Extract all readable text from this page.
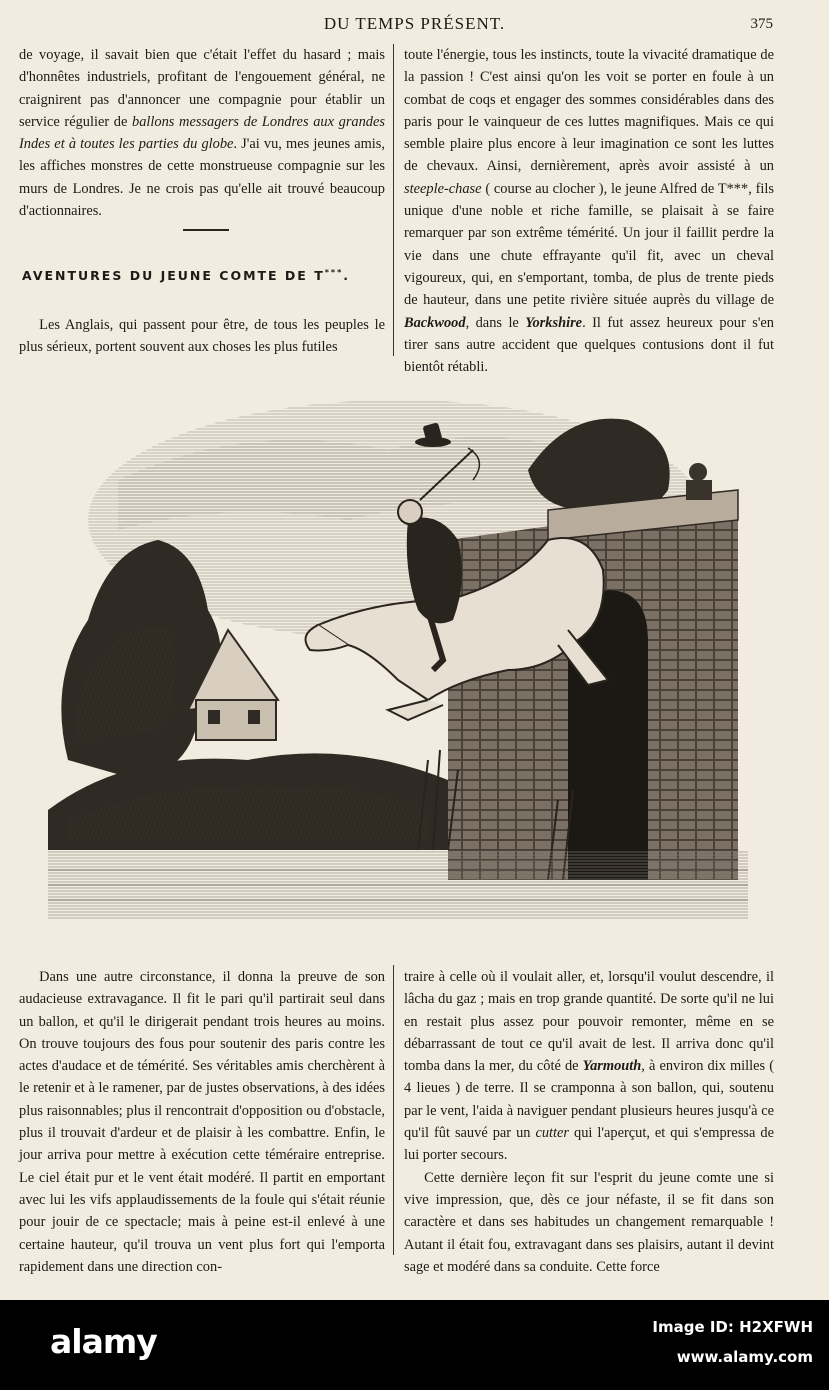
DU TEMPS PRÉSENT.	375

de voyage, il savait bien que c'était l'effet du hasard ; mais d'honnêtes industriels, profitant de l'engouement général, ne craignirent pas d'annoncer une compagnie pour établir un service régulier de ballons messagers de Londres aux grandes Indes et à toutes les parties du globe. J'ai vu, mes jeunes amis, les affiches monstres de cette monstrueuse compagnie sur les murs de Londres. Je ne crois pas qu'elle ait trouvé beaucoup d'actionnaires.

AVENTURES DU JEUNE COMTE DE T***.

Les Anglais, qui passent pour être, de tous les peuples le plus sérieux, portent souvent aux choses les plus futiles

toute l'énergie, tous les instincts, toute la vivacité dramatique de la passion ! C'est ainsi qu'on les voit se porter en foule à un combat de coqs et engager des sommes considérables dans des paris pour le vainqueur de ces luttes magnifiques. Mais ce qui semble plaire plus encore à leur imagination ce sont les luttes de chevaux. Ainsi, dernièrement, après avoir assisté à un steeple-chase ( course au clocher ), le jeune Alfred de T***, fils unique d'une noble et riche famille, se plaisait à se faire remarquer par son extrême témérité. Un jour il faillit perdre la vie dans une chute effrayante qu'il fit, avec un cheval vigoureux, qui, en s'emportant, tomba, de plus de trente pieds de hauteur, dans une petite rivière située auprès du village de Backwood, dans le Yorkshire. Il fut assez heureux pour s'en tirer sans autre accident que quelques contusions dont il fut bientôt rétabli.

Dans une autre circonstance, il donna la preuve de son audacieuse extravagance. Il fit le pari qu'il partirait seul dans un ballon, et qu'il le dirigerait pendant trois heures au moins. On trouve toujours des fous pour soutenir des paris contre les actes d'audace et de témérité. Ses véritables amis cherchèrent à le retenir et à le ramener, par de justes observations, à des idées plus raisonnables; plus il rencontrait d'opposition ou d'obstacle, plus il trouvait d'ardeur et de plaisir à les combattre. Enfin, le jour arriva pour mettre à exécution cette téméraire entreprise. Le ciel était pur et le vent était modéré. Il partit en emportant avec lui les vifs applaudissements de la foule qui s'était réunie pour jouir de ce spectacle; mais à peine est-il enlevé à une certaine hauteur, qu'il trouva un vent plus fort qui l'emporta rapidement dans une direction con-

traire à celle où il voulait aller, et, lorsqu'il voulut descendre, il lâcha du gaz ; mais en trop grande quantité. De sorte qu'il ne lui en restait plus assez pour pouvoir remonter, même en se débarrassant de tout ce qu'il avait de lest. Il arriva donc qu'il tomba dans la mer, du côté de Yarmouth, à environ dix milles ( 4 lieues ) de terre. Il se cramponna à son ballon, qui, soutenu par le vent, l'aida à naviguer pendant plusieurs heures jusqu'à ce qu'il fût sauvé par un cutter qui l'aperçut, et qui s'empressa de lui porter secours.

Cette dernière leçon fit sur l'esprit du jeune comte une si vive impression, que, dès ce jour néfaste, il se fit dans son caractère et dans ses habitudes un changement remarquable ! Autant il était fou, extravagant dans ses plaisirs, autant il devint sage et modéré dans sa conduite. Cette force

alamy	Image ID: H2XFWH
www.alamy.com
